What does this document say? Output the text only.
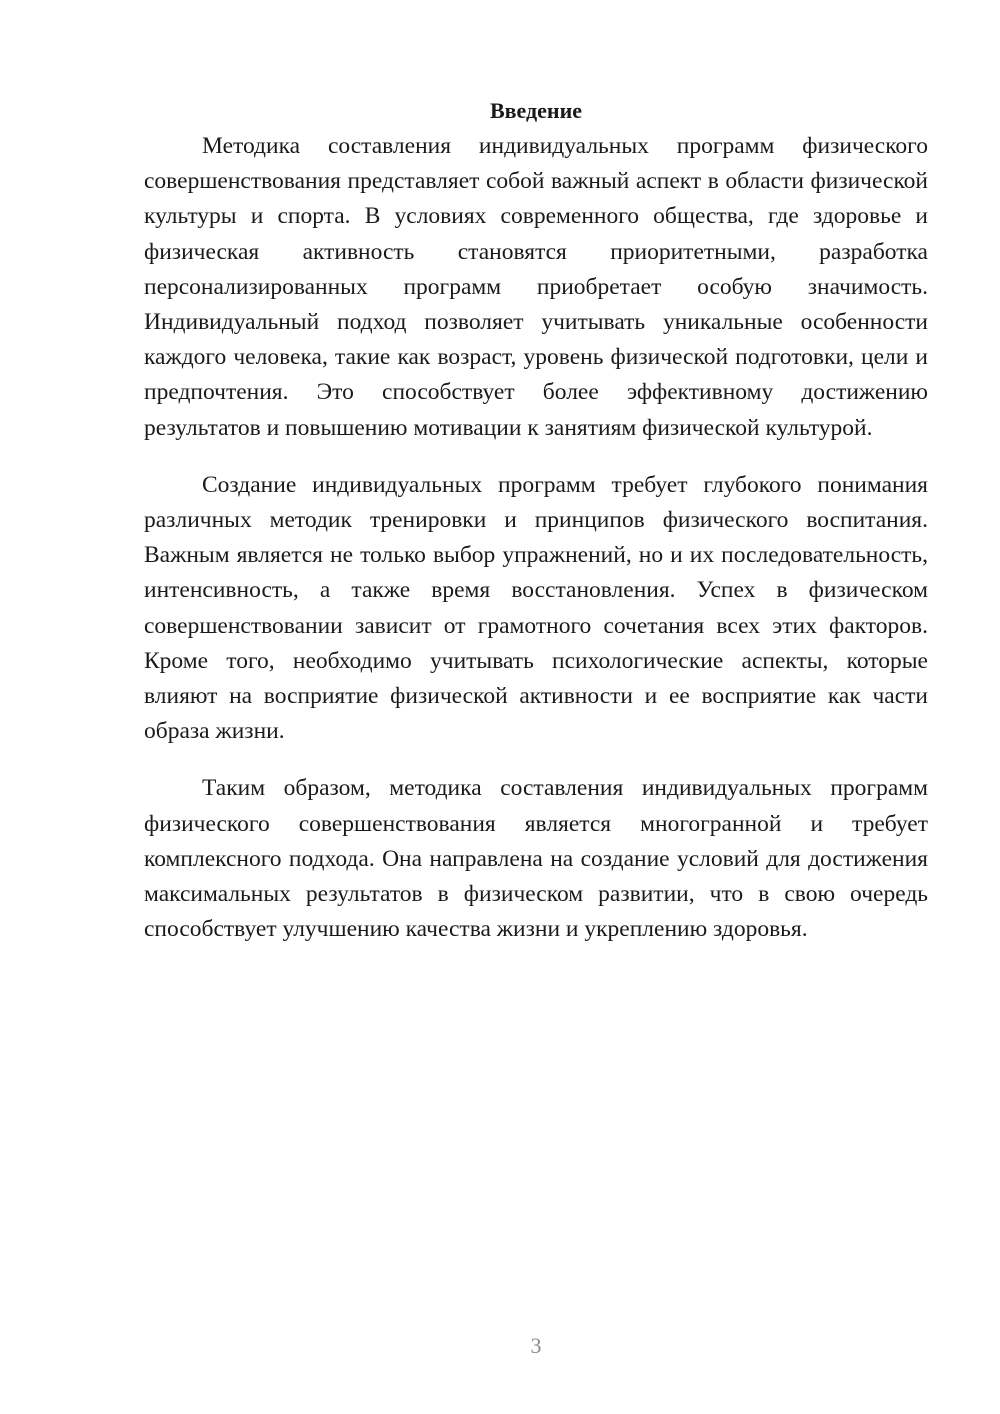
Введение

Методика составления индивидуальных программ физического совершенствования представляет собой важный аспект в области физической культуры и спорта. В условиях современного общества, где здоровье и физическая активность становятся приоритетными, разработка персонализированных программ приобретает особую значимость. Индивидуальный подход позволяет учитывать уникальные особенности каждого человека, такие как возраст, уровень физической подготовки, цели и предпочтения. Это способствует более эффективному достижению результатов и повышению мотивации к занятиям физической культурой.

Создание индивидуальных программ требует глубокого понимания различных методик тренировки и принципов физического воспитания. Важным является не только выбор упражнений, но и их последовательность, интенсивность, а также время восстановления. Успех в физическом совершенствовании зависит от грамотного сочетания всех этих факторов. Кроме того, необходимо учитывать психологические аспекты, которые влияют на восприятие физической активности и ее восприятие как части образа жизни.

Таким образом, методика составления индивидуальных программ физического совершенствования является многогранной и требует комплексного подхода. Она направлена на создание условий для достижения максимальных результатов в физическом развитии, что в свою очередь способствует улучшению качества жизни и укреплению здоровья.

3
